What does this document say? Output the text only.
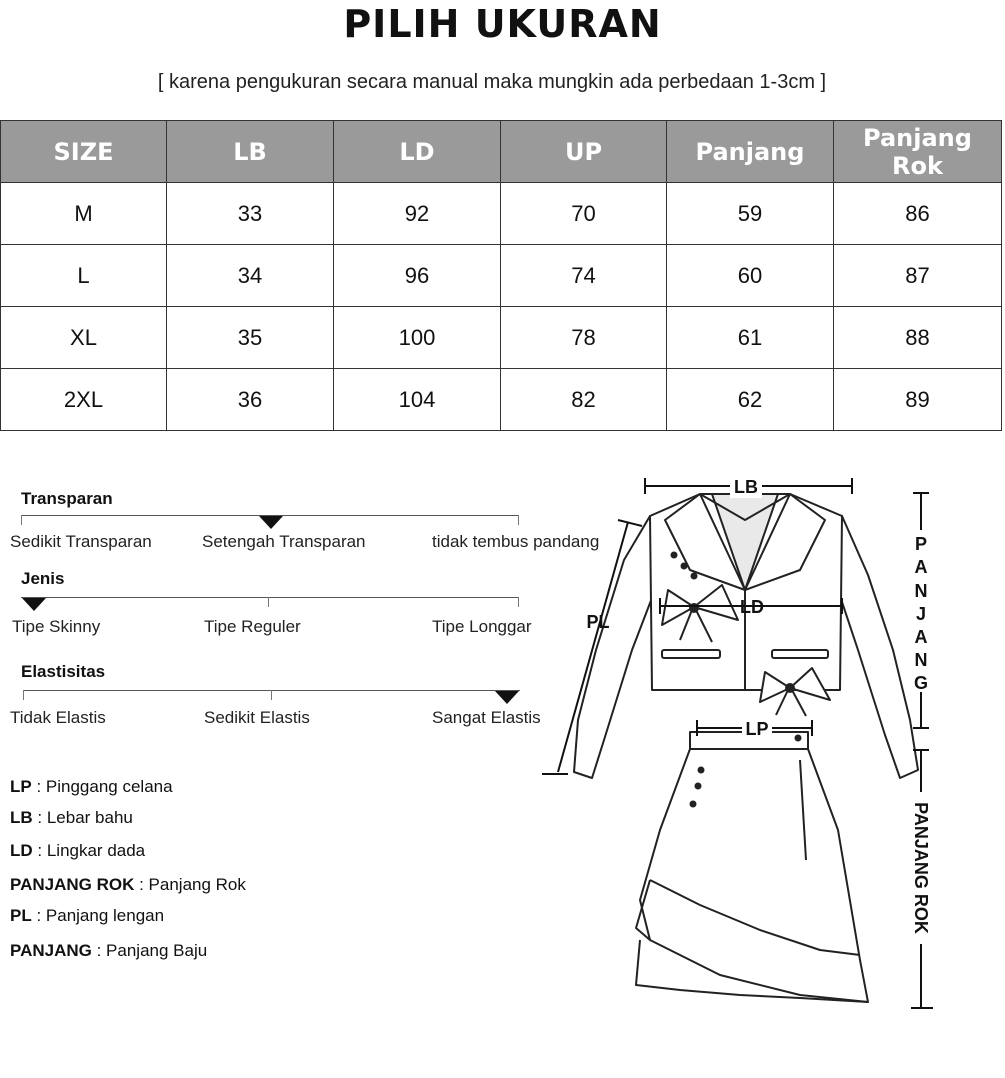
PILIH UKURAN
[ karena pengukuran secara manual maka mungkin ada perbedaan 1-3cm ]
SIZE	LB	LD	UP	Panjang	Panjang Rok
M	33	92	70	59	86
L	34	96	74	60	87
XL	35	100	78	61	88
2XL	36	104	82	62	89
Transparan
Sedikit Transparan	Setengah Transparan	tidak tembus pandang
Jenis
Tipe Skinny	Tipe Reguler	Tipe Longgar
Elastisitas
Tidak Elastis	Sedikit Elastis	Sangat Elastis
LP : Pinggang celana
LB : Lebar bahu
LD : Lingkar dada
PANJANG ROK : Panjang Rok
PL : Panjang lengan
PANJANG : Panjang Baju
LB
LD
PL
LP
P
A
N
J
A
N
G
PANJANG ROK
